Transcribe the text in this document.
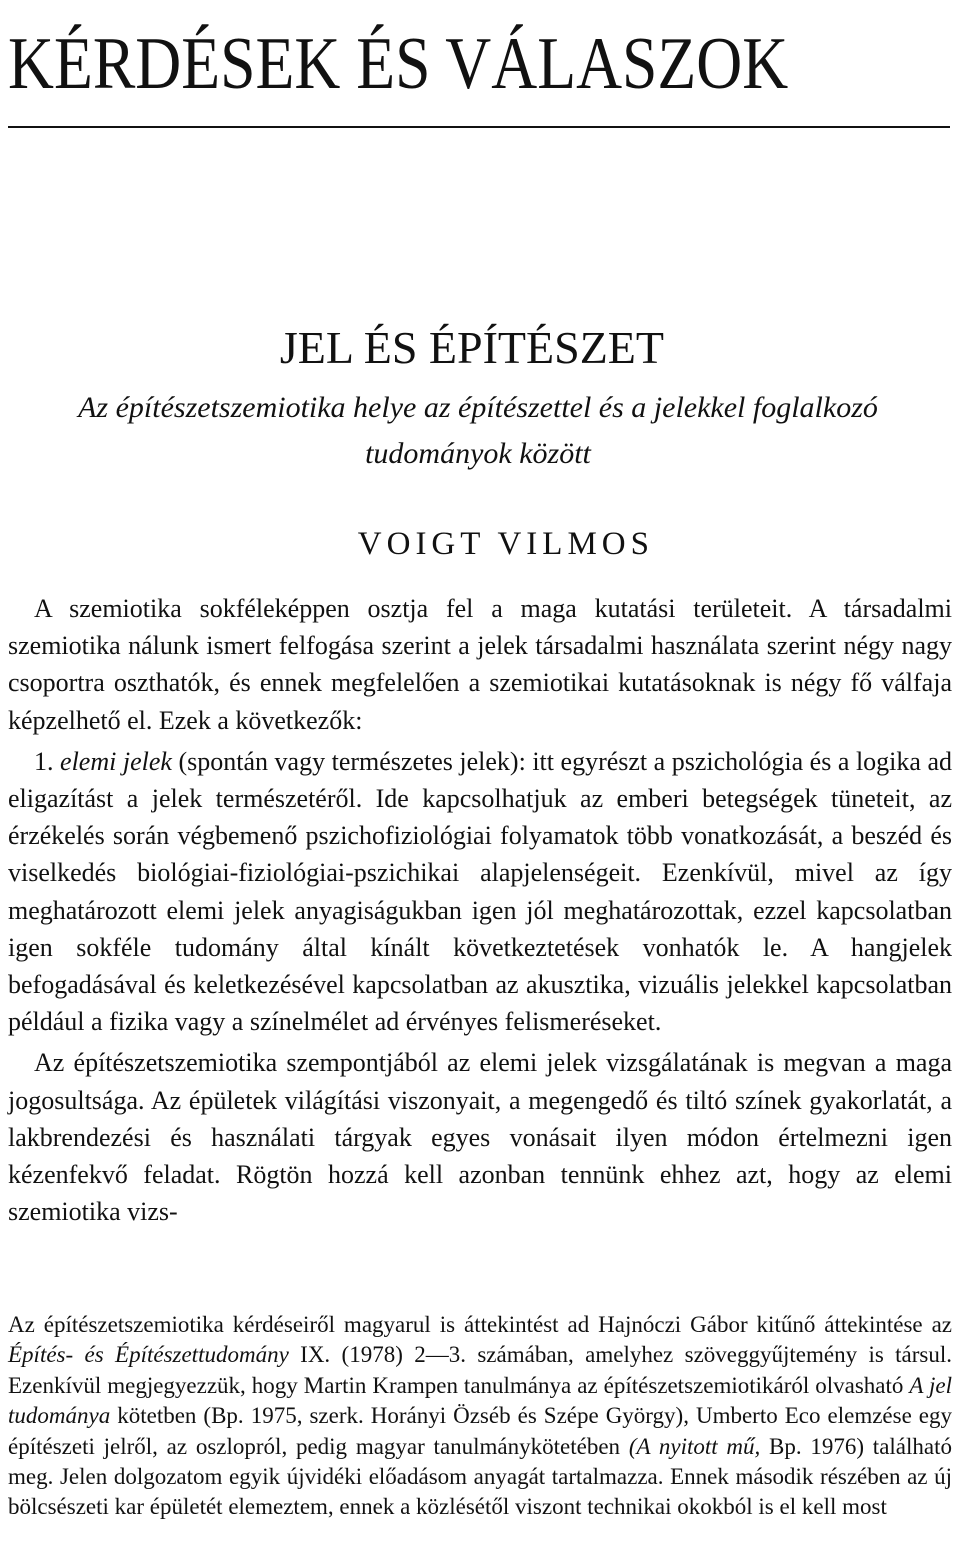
KÉRDÉSEK ÉS VÁLASZOK
JEL ÉS ÉPÍTÉSZET
Az építészetszemiotika helye az építészettel és a jelekkel foglalkozó tudományok között
VOIGT VILMOS

A szemiotika sokféleképpen osztja fel a maga kutatási területeit. A társadalmi szemiotika nálunk ismert felfogása szerint a jelek társadalmi használata szerint négy nagy csoportra oszthatók, és ennek megfelelően a szemiotikai kutatásoknak is négy fő válfaja képzelhető el. Ezek a következők:

1. elemi jelek (spontán vagy természetes jelek): itt egyrészt a pszichológia és a logika ad eligazítást a jelek természetéről. Ide kapcsolhatjuk az emberi betegségek tüneteit, az érzékelés során végbemenő pszichofiziológiai folyamatok több vonatkozását, a beszéd és viselkedés biológiai-fiziológiai-pszichikai alapjelenségeit. Ezenkívül, mivel az így meghatározott elemi jelek anyagiságukban igen jól meghatározottak, ezzel kapcsolatban igen sokféle tudomány által kínált következtetések vonhatók le. A hangjelek befogadásával és keletkezésével kapcsolatban az akusztika, vizuális jelekkel kapcsolatban például a fizika vagy a színelmélet ad érvényes felismeréseket.

Az építészetszemiotika szempontjából az elemi jelek vizsgálatának is megvan a maga jogosultsága. Az épületek világítási viszonyait, a megengedő és tiltó színek gyakorlatát, a lakbrendezési és használati tárgyak egyes vonásait ilyen módon értelmezni igen kézenfekvő feladat. Rögtön hozzá kell azonban tennünk ehhez azt, hogy az elemi szemiotika vizs-

Az építészetszemiotika kérdéseiről magyarul is áttekintést ad Hajnóczi Gábor kitűnő áttekintése az Építés- és Építészettudomány IX. (1978) 2—3. számában, amelyhez szöveggyűjtemény is társul. Ezenkívül megjegyezzük, hogy Martin Krampen tanulmánya az építészetszemiotikáról olvasható A jel tudománya kötetben (Bp. 1975, szerk. Horányi Özséb és Szépe György), Umberto Eco elemzése egy építészeti jelről, az oszlopról, pedig magyar tanulmánykötetében (A nyitott mű, Bp. 1976) található meg. Jelen dolgozatom egyik újvidéki előadásom anyagát tartalmazza. Ennek második részében az új bölcsészeti kar épületét elemeztem, ennek a közlésétől viszont technikai okokból is el kell most
